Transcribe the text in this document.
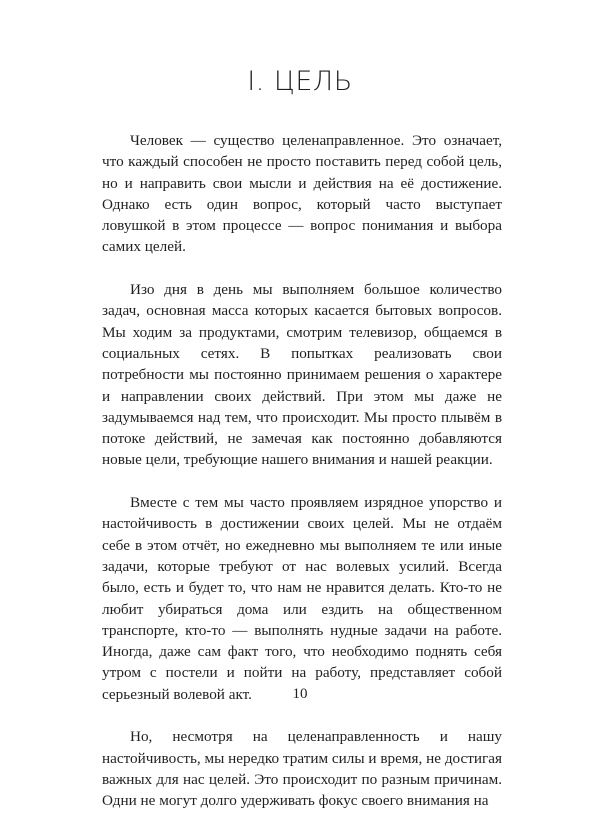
I. ЦЕЛЬ

Человек — существо целенаправленное. Это означает, что каждый способен не просто поставить перед собой цель, но и направить свои мысли и действия на её достижение. Однако есть один вопрос, который часто выступает ловушкой в этом процессе — вопрос понимания и выбора самих целей.

Изо дня в день мы выполняем большое количество задач, основная масса которых касается бытовых вопросов. Мы ходим за продуктами, смотрим телевизор, общаемся в социальных сетях. В попытках реализовать свои потребности мы постоянно принимаем решения о характере и направлении своих действий. При этом мы даже не задумываемся над тем, что происходит. Мы просто плывём в потоке действий, не замечая как постоянно добавляются новые цели, требующие нашего внимания и нашей реакции.

Вместе с тем мы часто проявляем изрядное упорство и настойчивость в достижении своих целей. Мы не отдаём себе в этом отчёт, но ежедневно мы выполняем те или иные задачи, которые требуют от нас волевых усилий. Всегда было, есть и будет то, что нам не нравится делать. Кто-то не любит убираться дома или ездить на общественном транспорте, кто-то — выполнять нудные задачи на работе. Иногда, даже сам факт того, что необходимо поднять себя утром с постели и пойти на работу, представляет собой серьезный волевой акт.

Но, несмотря на целенаправленность и нашу настойчивость, мы нередко тратим силы и время, не достигая важных для нас целей. Это происходит по разным причинам. Одни не могут долго удерживать фокус своего внимания на

10
